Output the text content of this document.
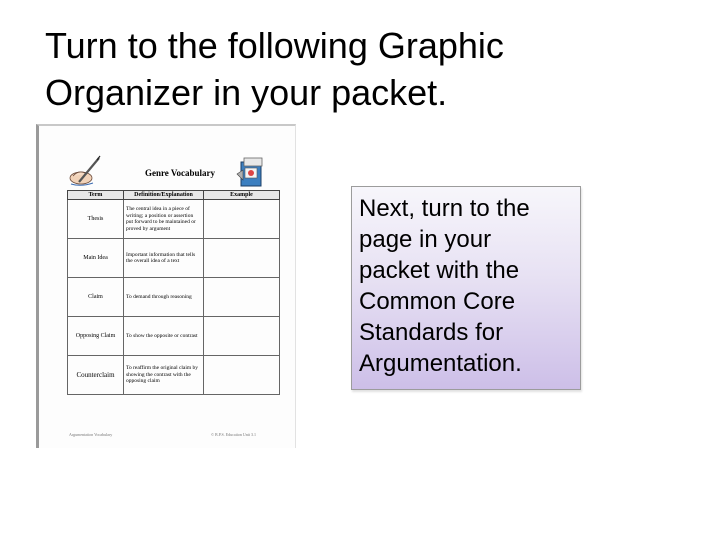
Turn to the following Graphic
Organizer in your packet.
Genre Vocabulary
Term	Definition/Explanation	Example
Thesis	The central idea in a piece of writing; a position or assertion put forward to be maintained or proved by argument	
Main Idea	Important information that tells the overall idea of a text	
Claim	To demand through reasoning	
Opposing Claim	To show the opposite or contrast	
Counterclaim	To reaffirm the original claim by showing the contrast with the opposing claim	
Argumentation Vocabulary	© B.P.S. Education Unit 3.1
Next, turn to the
page in your
packet with the
Common Core
Standards for
Argumentation.
